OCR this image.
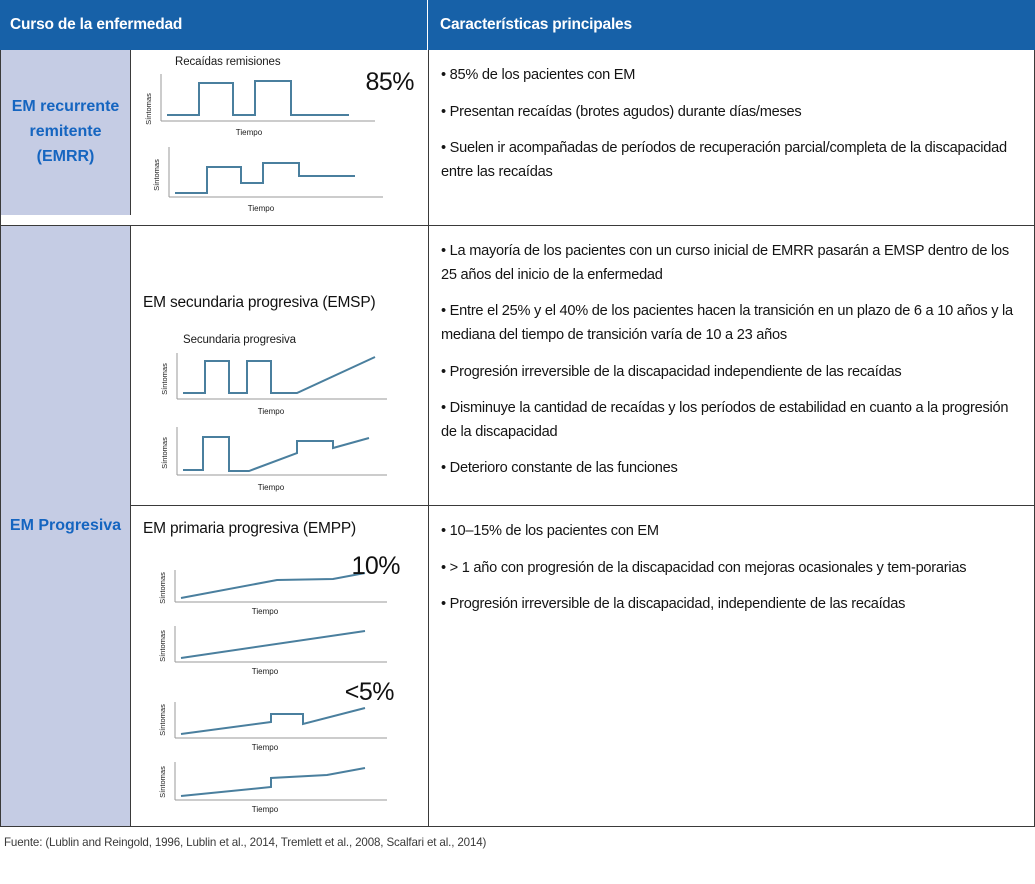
Curso de la enfermedad	Características principales
EM recurrente remitente (EMRR)
Recaídas remisiones
85%
Síntomas
Tiempo
Síntomas
Tiempo
• 85% de los pacientes con EM
• Presentan recaídas (brotes agudos) durante días/meses
• Suelen ir acompañadas de períodos de recuperación parcial/completa de la discapacidad entre las recaídas
EM Progresiva
EM secundaria progresiva (EMSP)
Secundaria progresiva
Síntomas
Tiempo
Síntomas
Tiempo
• La mayoría de los pacientes con un curso inicial de EMRR pasarán a EMSP dentro de los 25 años del inicio de la enfermedad
• Entre el 25% y el 40% de los pacientes hacen la transición en un plazo de 6 a 10 años y la mediana del tiempo de transición varía de 10 a 23 años
• Progresión irreversible de la discapacidad independiente de las recaídas
• Disminuye la cantidad de recaídas y los períodos de estabilidad en cuanto a la progresión de la discapacidad
• Deterioro constante de las funciones
EM primaria progresiva (EMPP)
10%
Síntomas
Tiempo
Síntomas
Tiempo
<5%
Síntomas
Tiempo
Síntomas
Tiempo
• 10–15% de los pacientes con EM
• > 1 año con progresión de la discapacidad con mejoras ocasionales y tem-porarias
• Progresión irreversible de la discapacidad, independiente de las recaídas
Fuente: (Lublin and Reingold, 1996, Lublin et al., 2014, Tremlett et al., 2008, Scalfari et al., 2014)
